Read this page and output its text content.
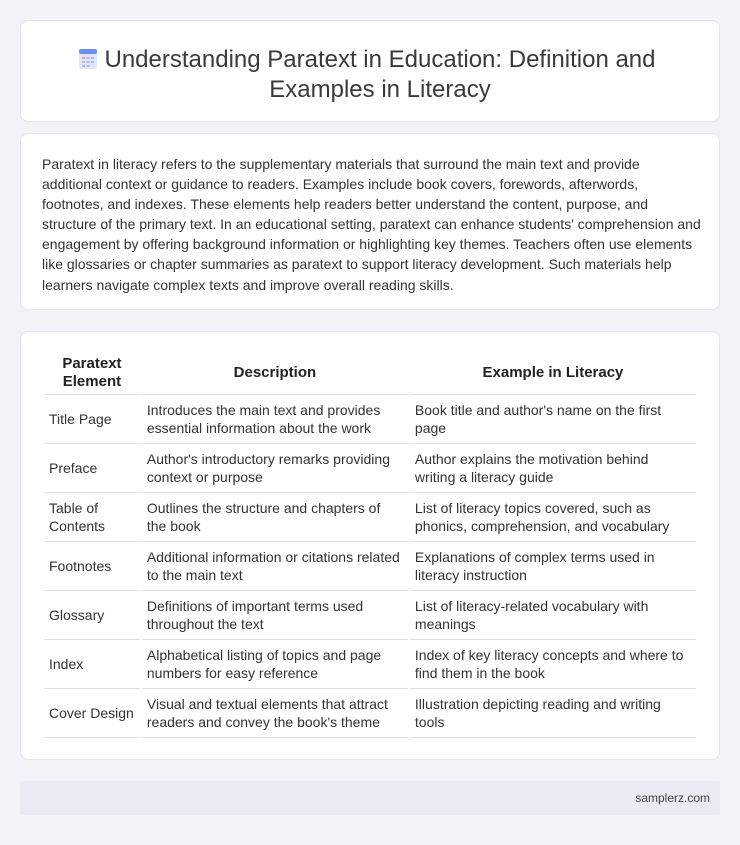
Understanding Paratext in Education: Definition and Examples in Literacy

Paratext in literacy refers to the supplementary materials that surround the main text and provide additional context or guidance to readers. Examples include book covers, forewords, afterwords, footnotes, and indexes. These elements help readers better understand the content, purpose, and structure of the primary text. In an educational setting, paratext can enhance students' comprehension and engagement by offering background information or highlighting key themes. Teachers often use elements like glossaries or chapter summaries as paratext to support literacy development. Such materials help learners navigate complex texts and improve overall reading skills.

Paratext Element	Description	Example in Literacy
Title Page	Introduces the main text and provides essential information about the work	Book title and author's name on the first page
Preface	Author's introductory remarks providing context or purpose	Author explains the motivation behind writing a literacy guide
Table of Contents	Outlines the structure and chapters of the book	List of literacy topics covered, such as phonics, comprehension, and vocabulary
Footnotes	Additional information or citations related to the main text	Explanations of complex terms used in literacy instruction
Glossary	Definitions of important terms used throughout the text	List of literacy-related vocabulary with meanings
Index	Alphabetical listing of topics and page numbers for easy reference	Index of key literacy concepts and where to find them in the book
Cover Design	Visual and textual elements that attract readers and convey the book's theme	Illustration depicting reading and writing tools
samplerz.com
